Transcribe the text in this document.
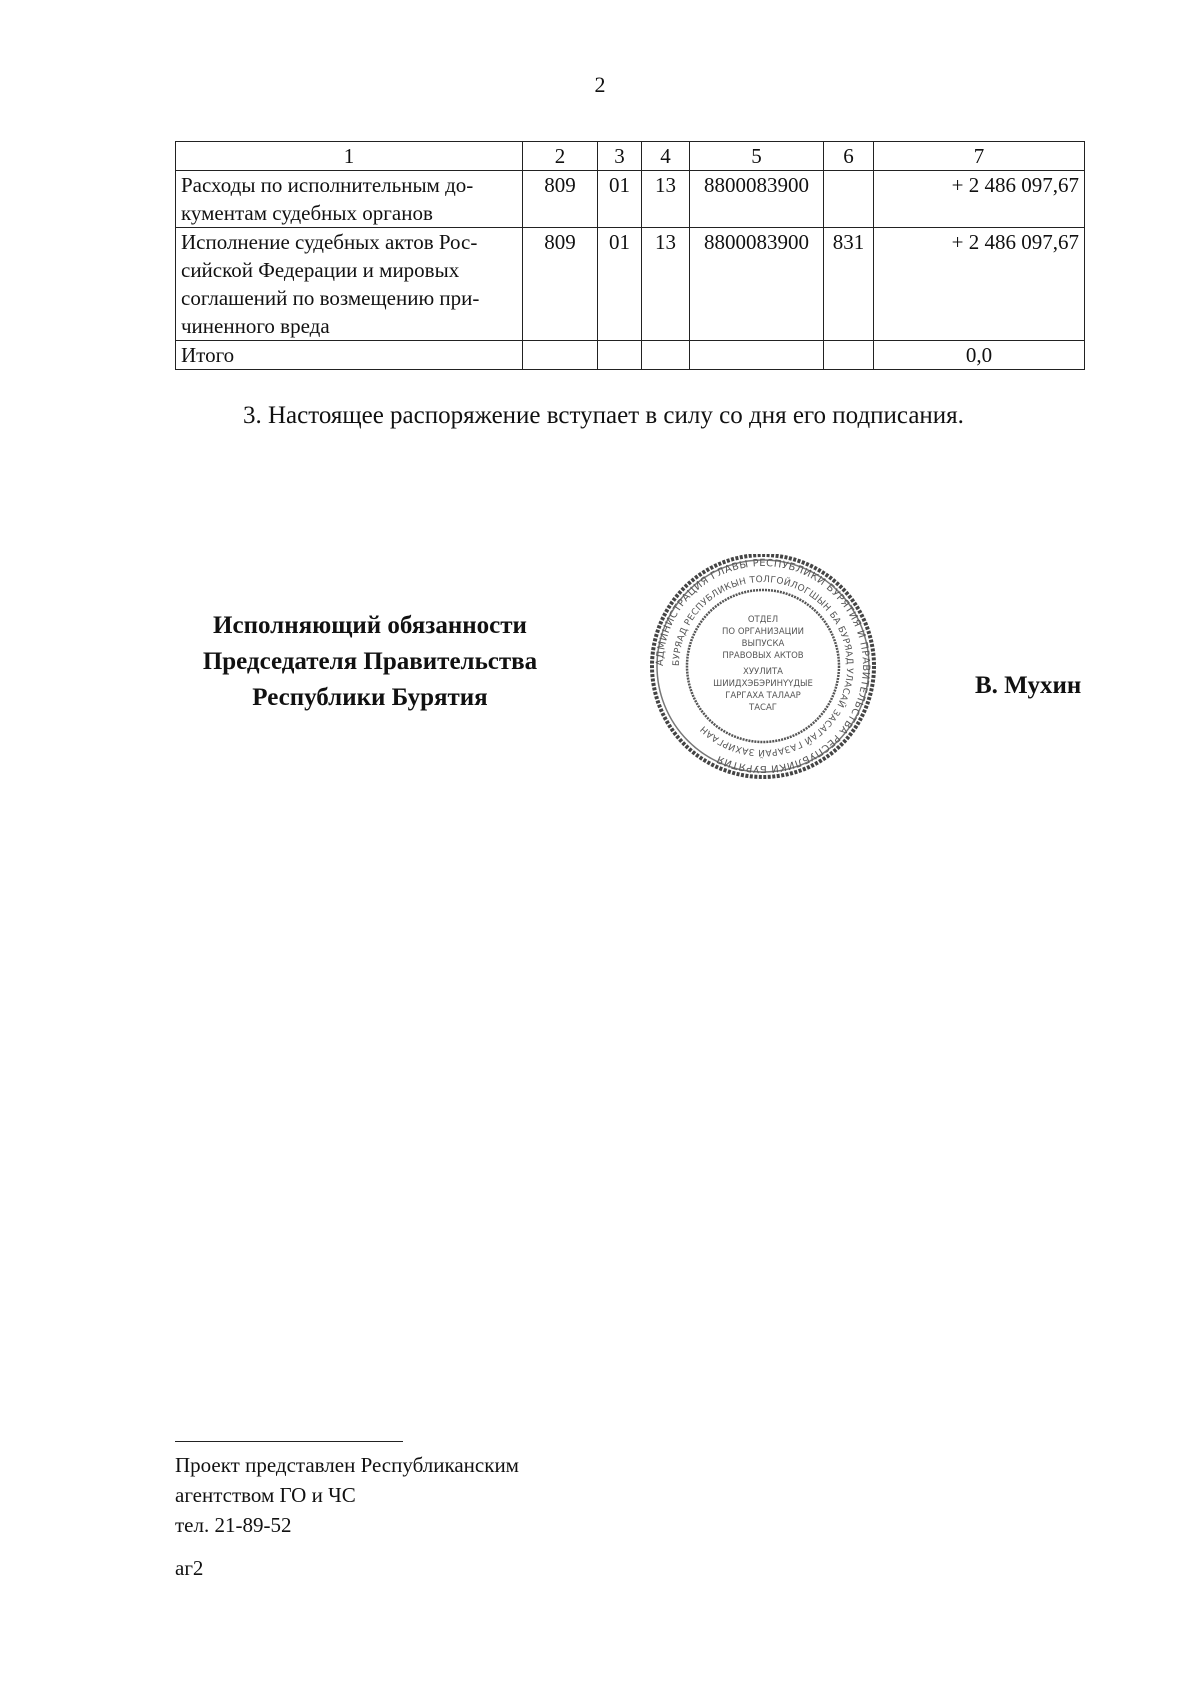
2
1	2	3	4	5	6	7

Расходы по исполнительным до-
кументам судебных органов	809	01	13	8800083900		+ 2 486 097,67

Исполнение судебных актов Рос-
сийской Федерации и мировых
соглашений по возмещению при-
чиненного вреда	809	01	13	8800083900	831	+ 2 486 097,67
Итого						0,0
3. Настоящее распоряжение вступает в силу со дня его подписания.
Исполняющий обязанности
Председателя Правительства
Республики Бурятия
АДМИНИСТРАЦИЯ ГЛАВЫ РЕСПУБЛИКИ БУРЯТИЯ И ПРАВИТЕЛЬСТВА РЕСПУБЛИКИ БУРЯТИЯ
БУРЯАД РЕСПУБЛИКЫН ТОЛГОЙЛОГШЫН БА БУРЯАД УЛАСАЙ ЗАСАГАЙ ГАЗАРАЙ ЗАХИРГААН
ОТДЕЛ
ПО ОРГАНИЗАЦИИ
ВЫПУСКА
ПРАВОВЫХ АКТОВ
ХУУЛИТА
ШИИДХЭБЭРИНYYДЫЕ
ГАРГАХА ТАЛААР
ТАСАГ
В. Мухин
Проект представлен Республиканским
агентством ГО и ЧС
тел. 21-89-52
аг2
